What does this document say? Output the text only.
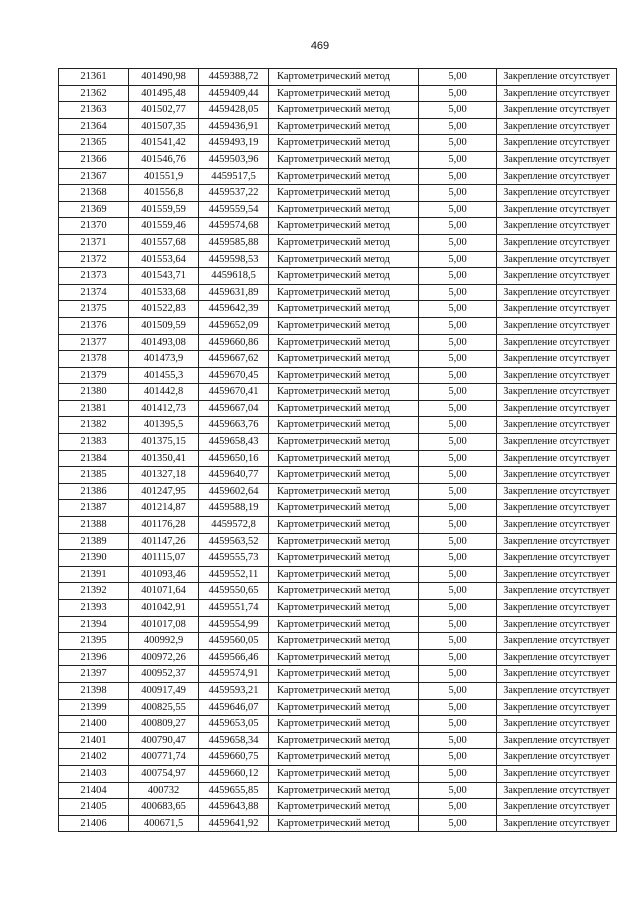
469
21361	401490,98	4459388,72	Картометрический метод	5,00	Закрепление отсутствует
21362	401495,48	4459409,44	Картометрический метод	5,00	Закрепление отсутствует
21363	401502,77	4459428,05	Картометрический метод	5,00	Закрепление отсутствует
21364	401507,35	4459436,91	Картометрический метод	5,00	Закрепление отсутствует
21365	401541,42	4459493,19	Картометрический метод	5,00	Закрепление отсутствует
21366	401546,76	4459503,96	Картометрический метод	5,00	Закрепление отсутствует
21367	401551,9	4459517,5	Картометрический метод	5,00	Закрепление отсутствует
21368	401556,8	4459537,22	Картометрический метод	5,00	Закрепление отсутствует
21369	401559,59	4459559,54	Картометрический метод	5,00	Закрепление отсутствует
21370	401559,46	4459574,68	Картометрический метод	5,00	Закрепление отсутствует
21371	401557,68	4459585,88	Картометрический метод	5,00	Закрепление отсутствует
21372	401553,64	4459598,53	Картометрический метод	5,00	Закрепление отсутствует
21373	401543,71	4459618,5	Картометрический метод	5,00	Закрепление отсутствует
21374	401533,68	4459631,89	Картометрический метод	5,00	Закрепление отсутствует
21375	401522,83	4459642,39	Картометрический метод	5,00	Закрепление отсутствует
21376	401509,59	4459652,09	Картометрический метод	5,00	Закрепление отсутствует
21377	401493,08	4459660,86	Картометрический метод	5,00	Закрепление отсутствует
21378	401473,9	4459667,62	Картометрический метод	5,00	Закрепление отсутствует
21379	401455,3	4459670,45	Картометрический метод	5,00	Закрепление отсутствует
21380	401442,8	4459670,41	Картометрический метод	5,00	Закрепление отсутствует
21381	401412,73	4459667,04	Картометрический метод	5,00	Закрепление отсутствует
21382	401395,5	4459663,76	Картометрический метод	5,00	Закрепление отсутствует
21383	401375,15	4459658,43	Картометрический метод	5,00	Закрепление отсутствует
21384	401350,41	4459650,16	Картометрический метод	5,00	Закрепление отсутствует
21385	401327,18	4459640,77	Картометрический метод	5,00	Закрепление отсутствует
21386	401247,95	4459602,64	Картометрический метод	5,00	Закрепление отсутствует
21387	401214,87	4459588,19	Картометрический метод	5,00	Закрепление отсутствует
21388	401176,28	4459572,8	Картометрический метод	5,00	Закрепление отсутствует
21389	401147,26	4459563,52	Картометрический метод	5,00	Закрепление отсутствует
21390	401115,07	4459555,73	Картометрический метод	5,00	Закрепление отсутствует
21391	401093,46	4459552,11	Картометрический метод	5,00	Закрепление отсутствует
21392	401071,64	4459550,65	Картометрический метод	5,00	Закрепление отсутствует
21393	401042,91	4459551,74	Картометрический метод	5,00	Закрепление отсутствует
21394	401017,08	4459554,99	Картометрический метод	5,00	Закрепление отсутствует
21395	400992,9	4459560,05	Картометрический метод	5,00	Закрепление отсутствует
21396	400972,26	4459566,46	Картометрический метод	5,00	Закрепление отсутствует
21397	400952,37	4459574,91	Картометрический метод	5,00	Закрепление отсутствует
21398	400917,49	4459593,21	Картометрический метод	5,00	Закрепление отсутствует
21399	400825,55	4459646,07	Картометрический метод	5,00	Закрепление отсутствует
21400	400809,27	4459653,05	Картометрический метод	5,00	Закрепление отсутствует
21401	400790,47	4459658,34	Картометрический метод	5,00	Закрепление отсутствует
21402	400771,74	4459660,75	Картометрический метод	5,00	Закрепление отсутствует
21403	400754,97	4459660,12	Картометрический метод	5,00	Закрепление отсутствует
21404	400732	4459655,85	Картометрический метод	5,00	Закрепление отсутствует
21405	400683,65	4459643,88	Картометрический метод	5,00	Закрепление отсутствует
21406	400671,5	4459641,92	Картометрический метод	5,00	Закрепление отсутствует
